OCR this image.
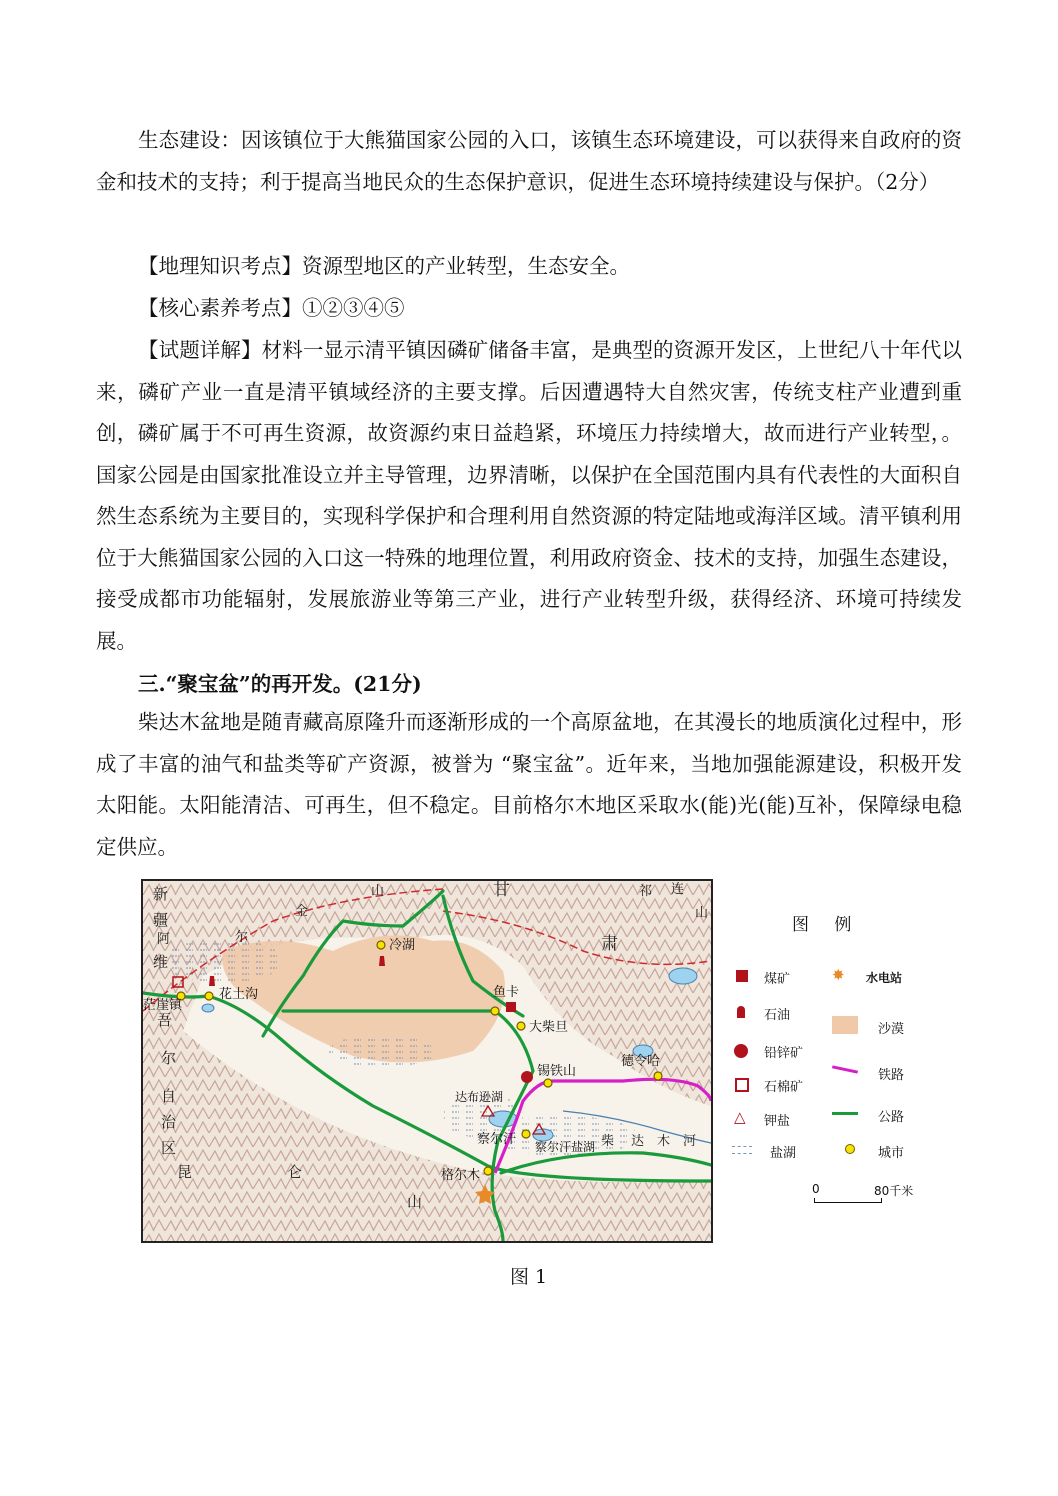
生态建设：因该镇位于大熊猫国家公园的入口，该镇生态环境建设，可以获得来自政府的资金和技术的支持；利于提高当地民众的生态保护意识，促进生态环境持续建设与保护。（2分）

【地理知识考点】资源型地区的产业转型，生态安全。

【核心素养考点】①②③④⑤

【试题详解】材料一显示清平镇因磷矿储备丰富，是典型的资源开发区，上世纪八十年代以来，磷矿产业一直是清平镇域经济的主要支撑。后因遭遇特大自然灾害，传统支柱产业遭到重创，磷矿属于不可再生资源，故资源约束日益趋紧，环境压力持续增大，故而进行产业转型，。国家公园是由国家批准设立并主导管理，边界清晰，以保护在全国范围内具有代表性的大面积自然生态系统为主要目的，实现科学保护和合理利用自然资源的特定陆地或海洋区域。清平镇利用位于大熊猫国家公园的入口这一特殊的地理位置，利用政府资金、技术的支持，加强生态建设，接受成都市功能辐射，发展旅游业等第三产业，进行产业转型升级，获得经济、环境可持续发展。

三.“聚宝盆”的再开发。(21分)

柴达木盆地是随青藏高原隆升而逐渐形成的一个高原盆地，在其漫长的地质演化过程中，形成了丰富的油气和盐类等矿产资源，被誉为 “聚宝盆”。近年来，当地加强能源建设，积极开发太阳能。太阳能清洁、可再生，但不稳定。目前格尔木地区采取水(能)光(能)互补，保障绿电稳定供应。

柴 达 木 河
新
疆
维
吾
尔
自
治
区
甘
肃
阿	尔
金
山	祁 连
山
昆	仑
山
茫崖镇
花土沟
冷湖
鱼卡
大柴旦
锡铁山
德令哈
察尔汗
格尔木
达布逊湖
察尔汗盐湖
图 例
煤矿	✸ 水电站
石油
沙漠
铅锌矿
铁路
石棉矿
△ 钾盐	公路
盐湖	城市
0	80千米
图 1
